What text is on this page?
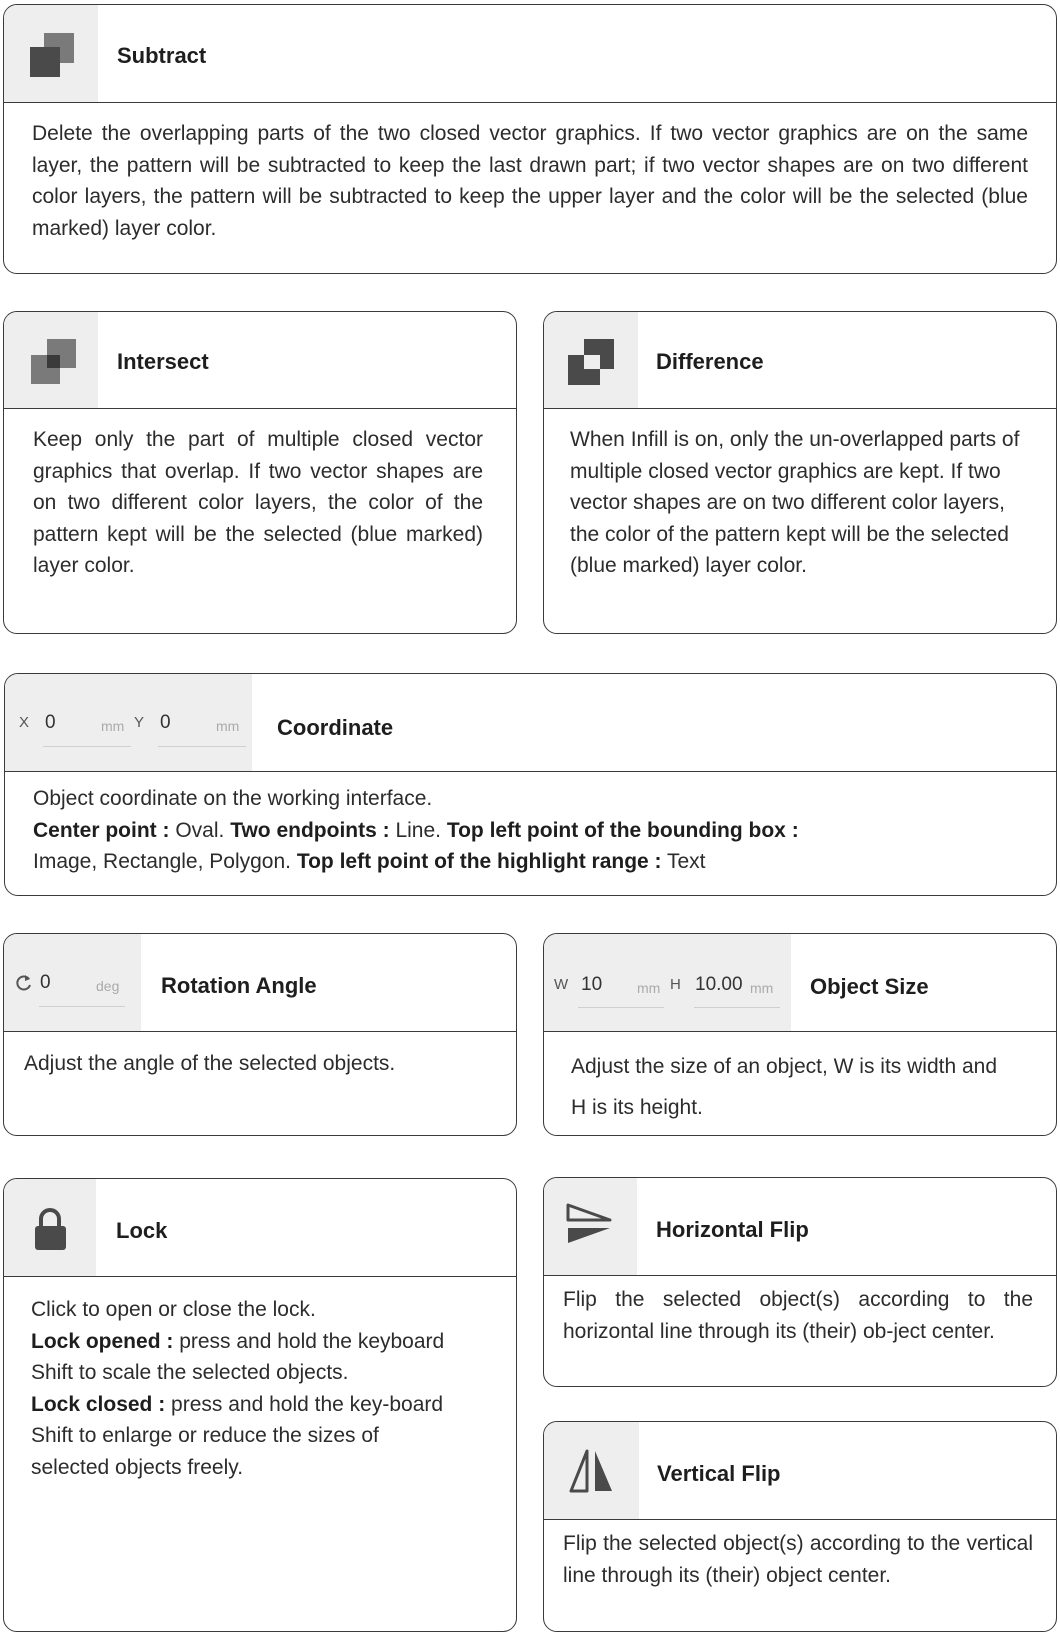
Subtract
Delete the overlapping parts of the two closed vector graphics. If two vector graphics are on the same layer, the pattern will be subtracted to keep the last drawn part; if two vector shapes are on two different color layers, the pattern will be subtracted to keep the upper layer and the color will be the selected (blue marked) layer color.
Intersect
Keep only the part of multiple closed vector graphics that overlap. If two vector shapes are on two different color layers, the color of the pattern kept will be the selected (blue marked) layer color.
Difference
When Infill is on, only the un-overlapped parts of multiple closed vector graphics are kept. If two vector shapes are on two different color layers, the color of the pattern kept will be the selected (blue marked) layer color.
X 0	mm Y 0	mm Coordinate
Object coordinate on the working interface.
Center point : Oval. Two endpoints : Line. Top left point of the bounding box :
Image, Rectangle, Polygon. Top left point of the highlight range : Text
0	deg Rotation Angle
Adjust the angle of the selected objects.
W 10 mm H 10.00 mm Object Size
Adjust the size of an object, W is its width and H is its height.
Lock
Click to open or close the lock.
Lock opened : press and hold the keyboard Shift to scale the selected objects.
Lock closed : press and hold the key-board Shift to enlarge or reduce the sizes of selected objects freely.
Horizontal Flip
Flip the selected object(s) according to the horizontal line through its (their) ob-ject center.
Vertical Flip
Flip the selected object(s) according to the vertical line through its (their) object center.
